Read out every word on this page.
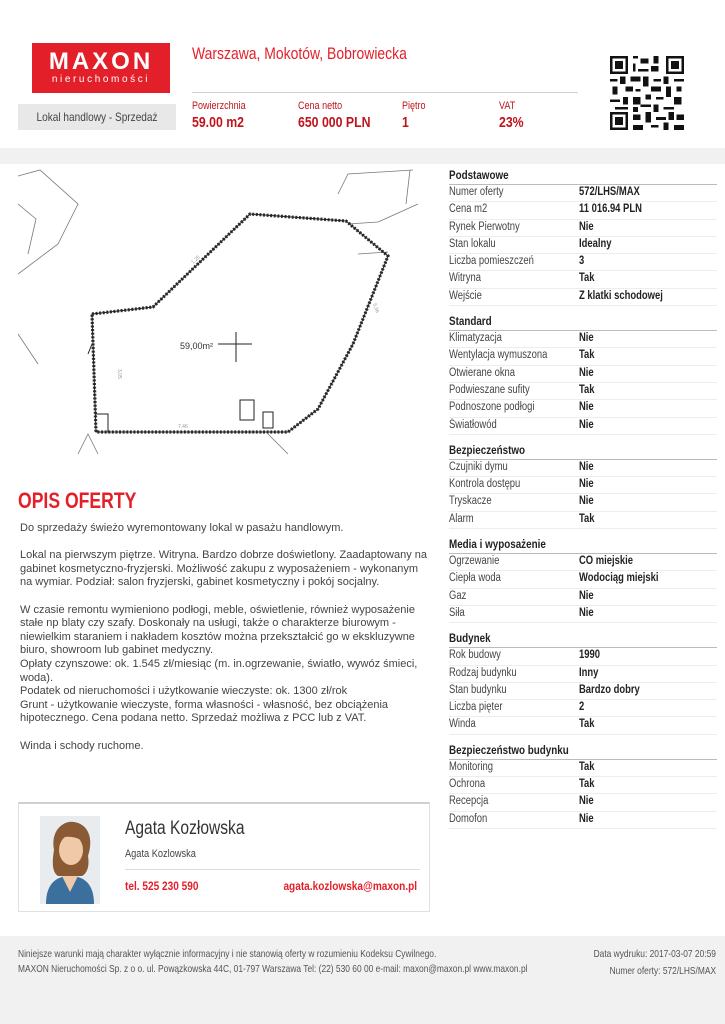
MAXON
nieruchomości
Warszawa, Mokotów, Bobrowiecka
Lokal handlowy - Sprzedaż
Powierzchnia
59.00 m2
Cena netto
650 000 PLN
Piętro
1
VAT
23%
59,00m²
1,25
5,36
3,05
7,46
OPIS OFERTY

Do sprzedaży świeżo wyremontowany lokal w pasażu handlowym.

Lokal na pierwszym piętrze. Witryna. Bardzo dobrze doświetlony. Zaadaptowany na gabinet kosmetyczno-fryzjerski. Możliwość zakupu z wyposażeniem - wykonanym na wymiar. Podział: salon fryzjerski, gabinet kosmetyczny i pokój socjalny.

W czasie remontu wymieniono podłogi, meble, oświetlenie, również wyposażenie stałe np blaty czy szafy. Doskonały na usługi, także o charakterze biurowym - niewielkim staraniem i nakładem kosztów można przekształcić go w ekskluzywne biuro, showroom lub gabinet medyczny.
Opłaty czynszowe: ok. 1.545 zł/miesiąc (m. in.ogrzewanie, światło, wywóz śmieci, woda).
Podatek od nieruchomości i użytkowanie wieczyste: ok. 1300 zł/rok
Grunt - użytkowanie wieczyste, forma własności - własność, bez obciążenia hipotecznego. Cena podana netto. Sprzedaż możliwa z PCC lub z VAT.

Winda i schody ruchome.

Agata Kozłowska
Agata Kozlowska
tel. 525 230 590	agata.kozlowska@maxon.pl
Podstawowe
Numer oferty	572/LHS/MAX
Cena m2	11 016.94 PLN
Rynek Pierwotny	Nie
Stan lokalu	Idealny
Liczba pomieszczeń	3
Witryna	Tak
Wejście	Z klatki schodowej
Standard
Klimatyzacja	Nie
Wentylacja wymuszona	Tak
Otwierane okna	Nie
Podwieszane sufity	Tak
Podnoszone podłogi	Nie
Światłowód	Nie
Bezpieczeństwo
Czujniki dymu	Nie
Kontrola dostępu	Nie
Tryskacze	Nie
Alarm	Tak
Media i wyposażenie
Ogrzewanie	CO miejskie
Ciepła woda	Wodociąg miejski
Gaz	Nie
Siła	Nie
Budynek
Rok budowy	1990
Rodzaj budynku	Inny
Stan budynku	Bardzo dobry
Liczba pięter	2
Winda	Tak
Bezpieczeństwo budynku
Monitoring	Tak
Ochrona	Tak
Recepcja	Nie
Domofon	Nie
Niniejsze warunki mają charakter wyłącznie informacyjny i nie stanowią oferty w rozumieniu Kodeksu Cywilnego.
MAXON Nieruchomości Sp. z o o. ul. Powązkowska 44C, 01-797 Warszawa Tel: (22) 530 60 00 e-mail: maxon@maxon.pl www.maxon.pl
Data wydruku: 2017-03-07 20:59
Numer oferty: 572/LHS/MAX
